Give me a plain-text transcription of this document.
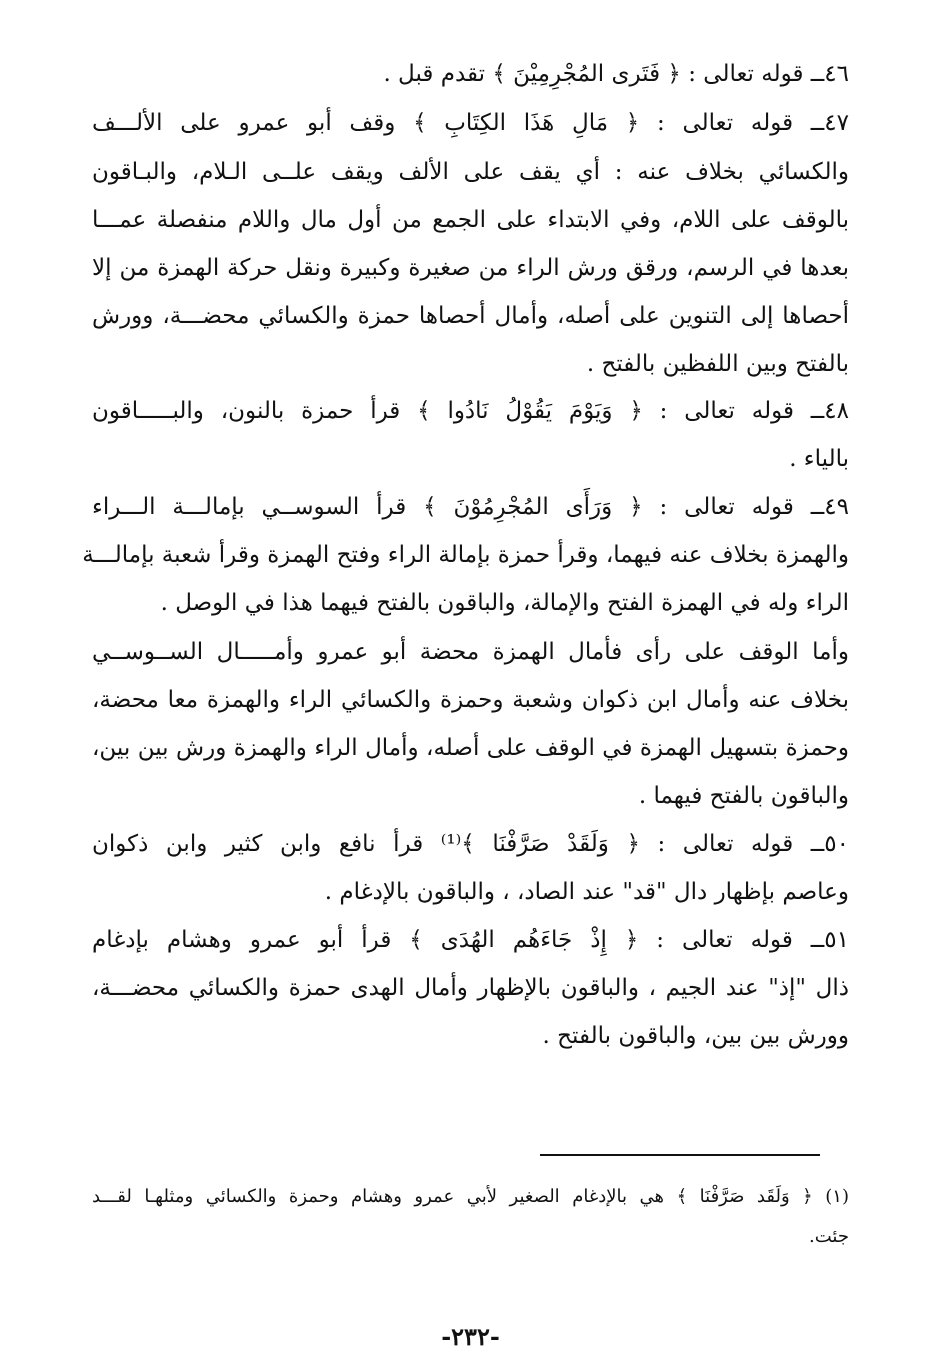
٤٦ــ قوله تعالى : ﴿ فَتَرى المُجْرِمِيْنَ ﴾ تقدم قبل .
٤٧ــ قوله تعالى : ﴿ مَالِ هَذَا الكِتَابِ ﴾ وقف أبو عمرو على الألـــف
والكسائي بخلاف عنه : أي يقف على الألف ويقف علــى الـلام، والبـاقون
بالوقف على اللام، وفي الابتداء على الجمع من أول مال واللام منفصلة عمـــا
بعدها في الرسم، ورقق ورش الراء من صغيرة وكبيرة ونقل حركة الهمزة من إلا
أحصاها إلى التنوين على أصله، وأمال أحصاها حمزة والكسائي محضـــة، وورش
بالفتح وبين اللفظين بالفتح .
٤٨ــ قوله تعالى : ﴿ وَيَوْمَ يَقُوْلُ نَادُوا ﴾ قرأ حمزة بالنون، والبـــــاقون
بالياء .
٤٩ــ قوله تعالى : ﴿ وَرَأَى المُجْرِمُوْنَ ﴾ قرأ السوســي بإمالـــة الـــراء
والهمزة بخلاف عنه فيهما، وقرأ حمزة بإمالة الراء وفتح الهمزة وقرأ شعبة بإمالـــة
الراء وله في الهمزة الفتح والإمالة، والباقون بالفتح فيهما هذا في الوصل .
وأما الوقف على رأى فأمال الهمزة محضة أبو عمرو وأمـــــال الســوســي
بخلاف عنه وأمال ابن ذكوان وشعبة وحمزة والكسائي الراء والهمزة معا محضة،
وحمزة بتسهيل الهمزة في الوقف على أصله، وأمال الراء والهمزة ورش بين بين،
والباقون بالفتح فيهما .
٥٠ــ قوله تعالى : ﴿ وَلَقَدْ صَرَّفْنَا ﴾⁽¹⁾ قرأ نافع وابن كثير وابن ذكوان
وعاصم بإظهار دال "قد" عند الصاد، ، والباقون بالإدغام .
٥١ــ قوله تعالى : ﴿ إِذْ جَاءَهُم الهُدَى ﴾ قرأ أبو عمرو وهشام بإدغام
ذال "إذ" عند الجيم ، والباقون بالإظهار وأمال الهدى حمزة والكسائي محضـــة،
وورش بين بين، والباقون بالفتح .
(١) ﴿ وَلَقَد صَرَّفْنَا ﴾ هي بالإدغام الصغير لأبي عمرو وهشام وحمزة والكسائي ومثلهـا لقـــد
جئت.
-٢٣٢-
